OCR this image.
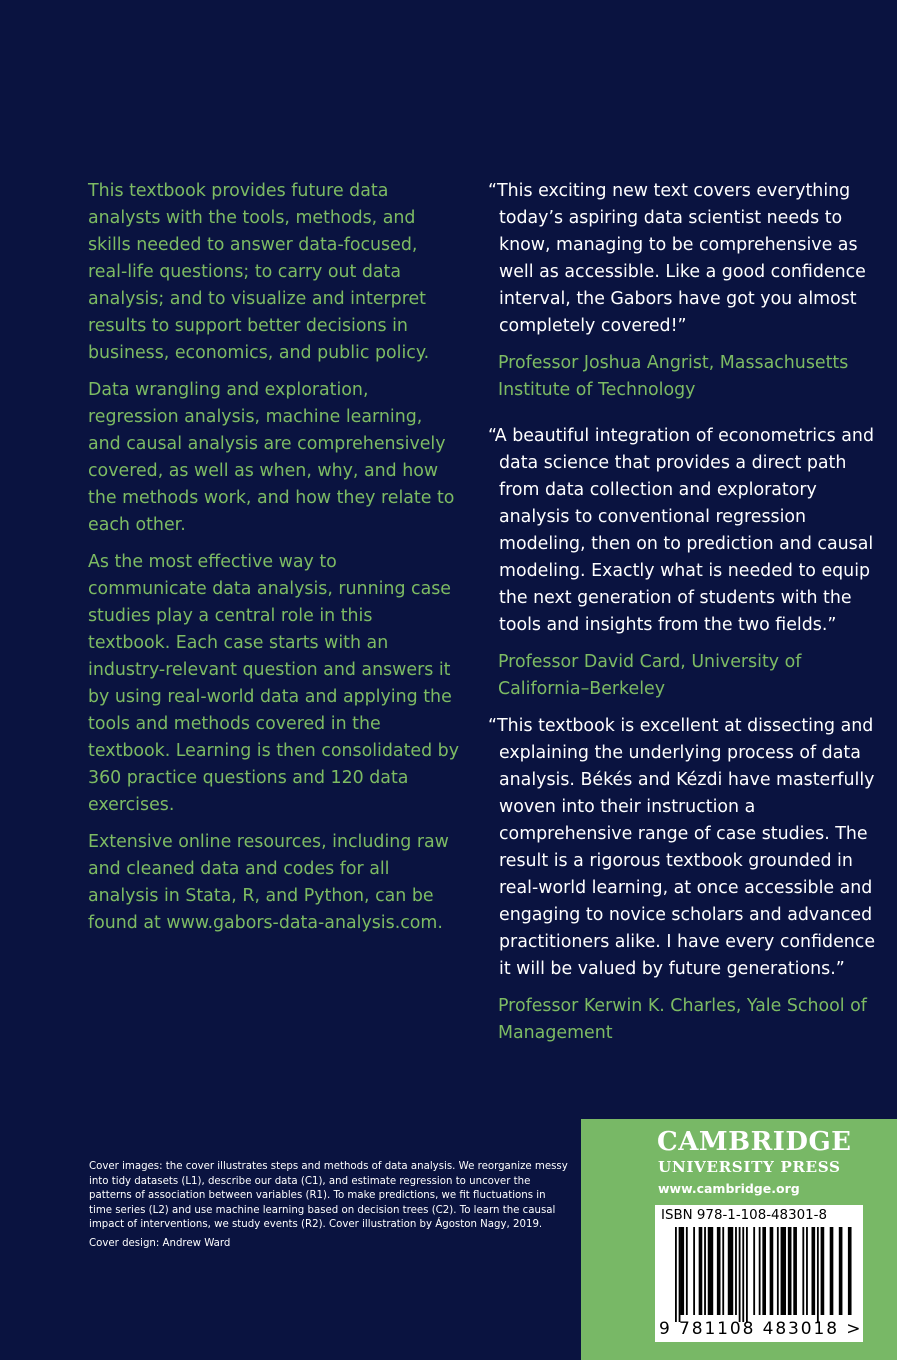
This textbook provides future data analysts with the tools, methods, and skills needed to answer data-focused, real-life questions; to carry out data analysis; and to visualize and interpret results to support better decisions in business, economics, and public policy.

Data wrangling and exploration, regression analysis, machine learning, and causal analysis are comprehensively covered, as well as when, why, and how the methods work, and how they relate to each other.

As the most effective way to communicate data analysis, running case studies play a central role in this textbook. Each case starts with an industry-relevant question and answers it by using real-world data and applying the tools and methods covered in the textbook. Learning is then consolidated by 360 practice questions and 120 data exercises.

Extensive online resources, including raw and cleaned data and codes for all analysis in Stata, R, and Python, can be found at www.gabors-data-analysis.com.

“This exciting new text covers everything today’s aspiring data scientist needs to know, managing to be comprehensive as well as accessible. Like a good confidence interval, the Gabors have got you almost completely covered!”

Professor Joshua Angrist, Massachusetts Institute of Technology

“A beautiful integration of econometrics and data science that provides a direct path from data collection and exploratory analysis to conventional regression modeling, then on to prediction and causal modeling. Exactly what is needed to equip the next generation of students with the tools and insights from the two fields.”

Professor David Card, University of California–Berkeley

“This textbook is excellent at dissecting and explaining the underlying process of data analysis. Békés and Kézdi have masterfully woven into their instruction a comprehensive range of case studies. The result is a rigorous textbook grounded in real-world learning, at once accessible and engaging to novice scholars and advanced practitioners alike. I have every confidence it will be valued by future generations.”

Professor Kerwin K. Charles, Yale School of Management

Cover images: the cover illustrates steps and methods of data analysis. We reorganize messy into tidy datasets (L1), describe our data (C1), and estimate regression to uncover the patterns of association between variables (R1). To make predictions, we fit fluctuations in time series (L2) and use machine learning based on decision trees (C2). To learn the causal impact of interventions, we study events (R2). Cover illustration by Ágoston Nagy, 2019.

Cover design: Andrew Ward

CAMBRIDGE
UNIVERSITY PRESS
www.cambridge.org
ISBN 978-1-108-48301-8
9 781108 483018 >
